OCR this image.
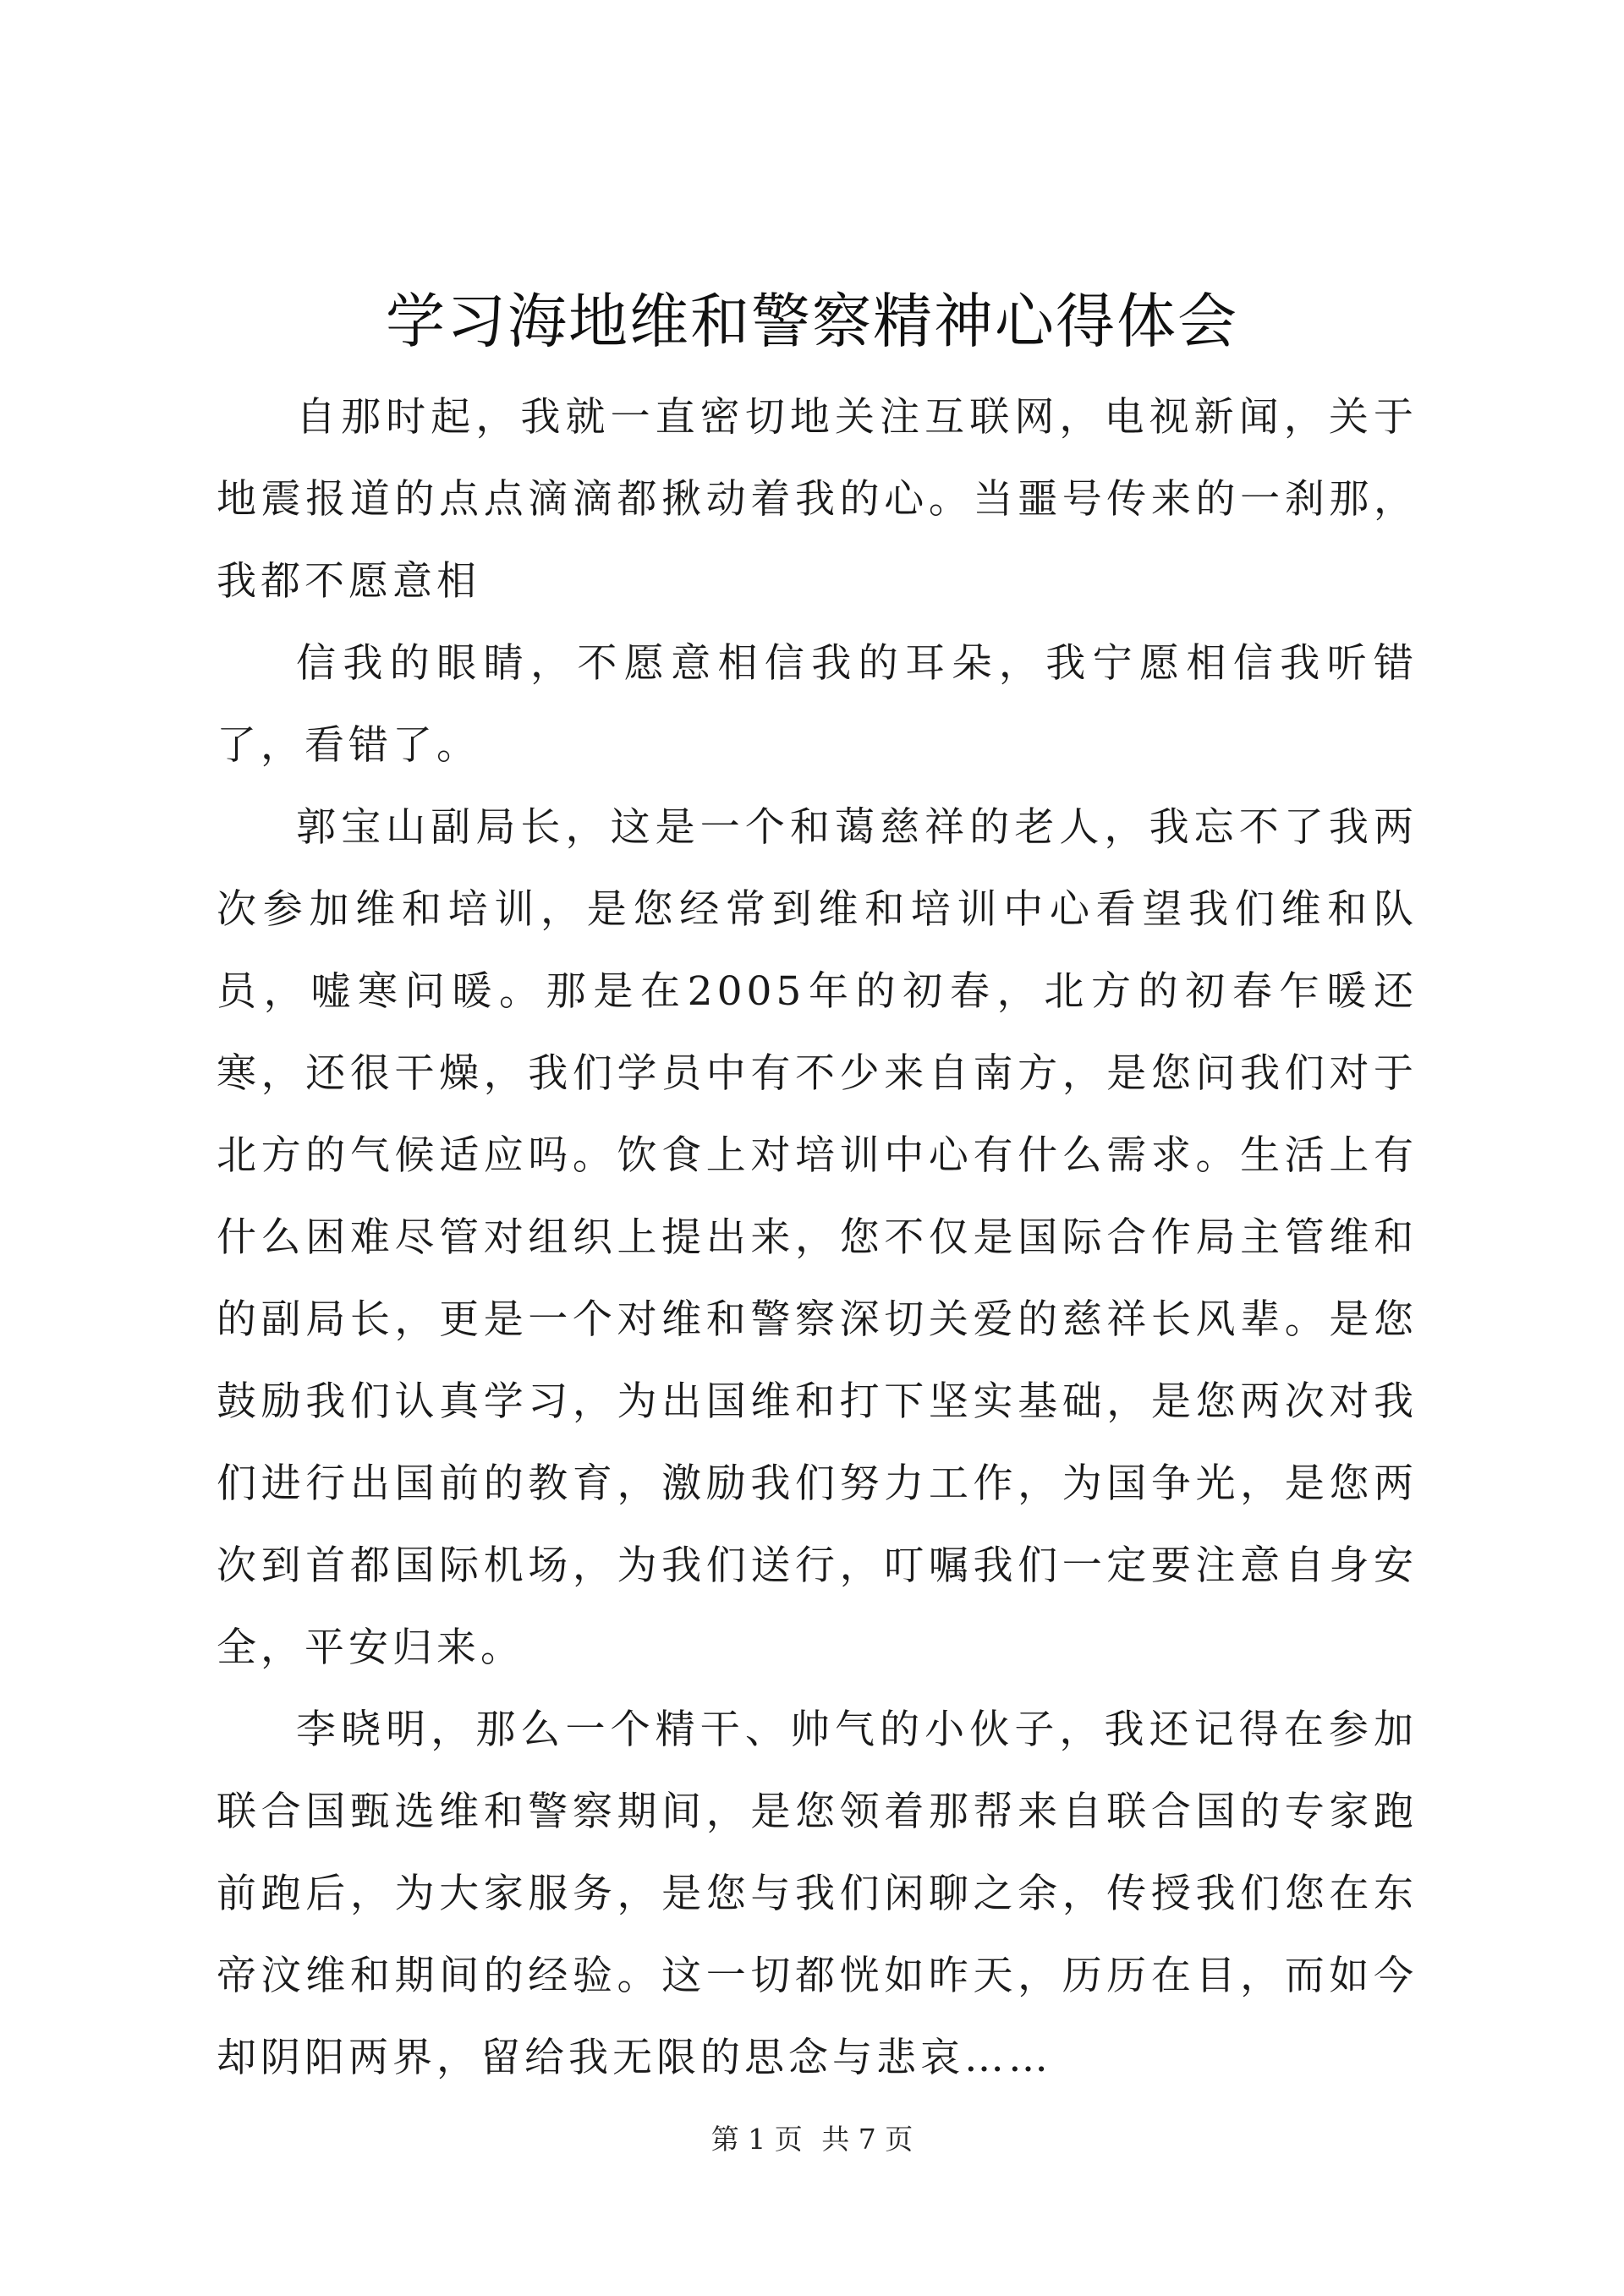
学习海地维和警察精神心得体会

自那时起，我就一直密切地关注互联网，电视新闻，关于地震报道的点点滴滴都揪动着我的心。当噩号传来的一刹那，我都不愿意相

信我的眼睛，不愿意相信我的耳朵，我宁愿相信我听错了，看错了。

郭宝山副局长，这是一个和蔼慈祥的老人，我忘不了我两次参加维和培训，是您经常到维和培训中心看望我们维和队员，嘘寒问暖。那是在2005年的初春，北方的初春乍暖还寒，还很干燥，我们学员中有不少来自南方，是您问我们对于北方的气候适应吗。饮食上对培训中心有什么需求。生活上有什么困难尽管对组织上提出来，您不仅是国际合作局主管维和的副局长，更是一个对维和警察深切关爱的慈祥长风辈。是您鼓励我们认真学习，为出国维和打下坚实基础，是您两次对我们进行出国前的教育，激励我们努力工作，为国争光，是您两次到首都国际机场，为我们送行，叮嘱我们一定要注意自身安全，平安归来。

李晓明，那么一个精干、帅气的小伙子，我还记得在参加联合国甄选维和警察期间，是您领着那帮来自联合国的专家跑前跑后，为大家服务，是您与我们闲聊之余，传授我们您在东帝汶维和期间的经验。这一切都恍如昨天，历历在目，而如今却阴阳两界，留给我无限的思念与悲哀……

第 1 页 共 7 页
